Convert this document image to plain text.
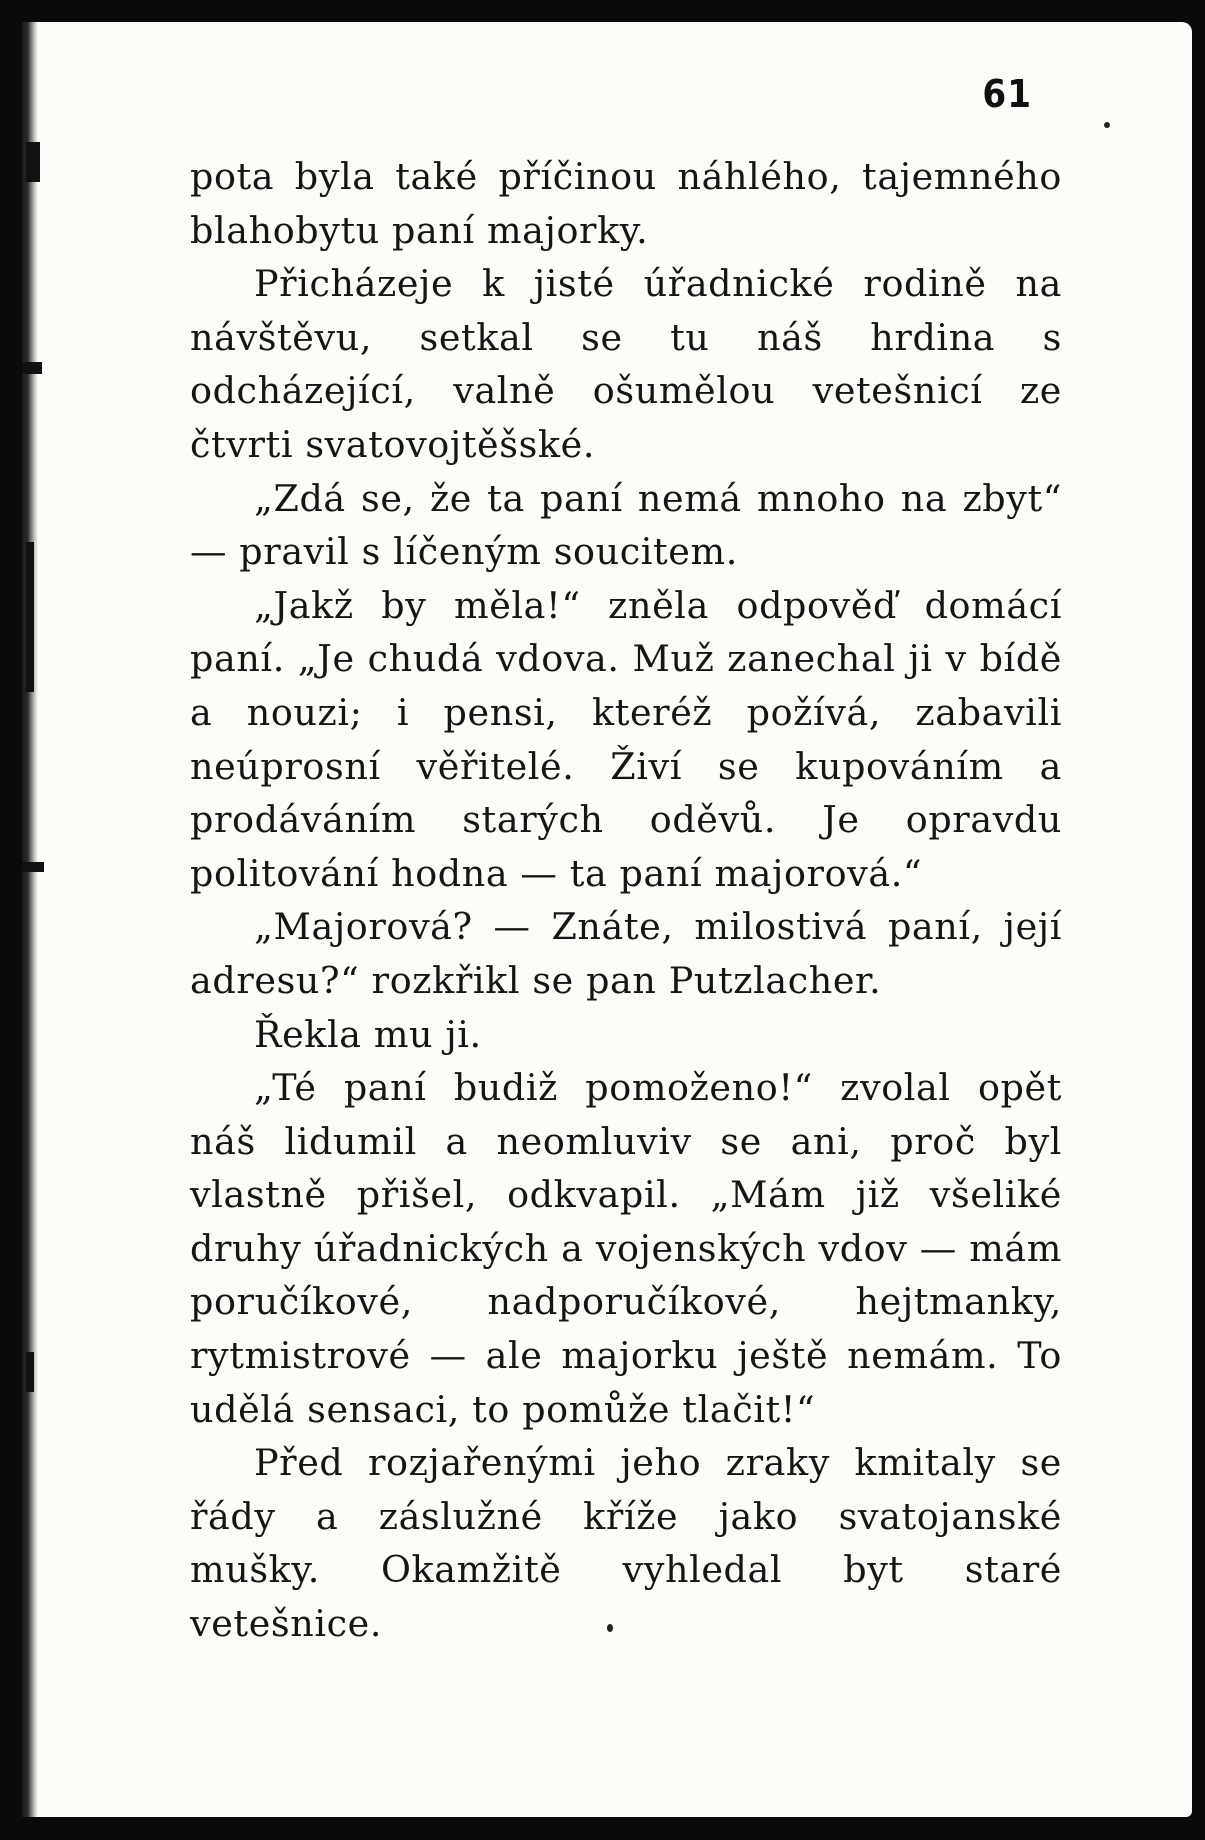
61

pota byla také příčinou náhlého, tajemného blahobytu paní majorky.

Přicházeje k jisté úřadnické rodině na návštěvu, setkal se tu náš hrdina s odcházející, valně ošumělou vetešnicí ze čtvrti svatovojtěšské.

„Zdá se, že ta paní nemá mnoho na zbyt“ — pravil s líčeným soucitem.

„Jakž by měla!“ zněla odpověď domácí paní. „Je chudá vdova. Muž zanechal ji v bídě a nouzi; i pensi, kteréž požívá, zabavili neúprosní věřitelé. Živí se kupováním a prodáváním starých oděvů. Je opravdu politování hodna — ta paní majorová.“

„Majorová? — Znáte, milostivá paní, její adresu?“ rozkřikl se pan Putzlacher.

Řekla mu ji.

„Té paní budiž pomoženo!“ zvolal opět náš lidumil a neomluviv se ani, proč byl vlastně přišel, odkvapil. „Mám již všeliké druhy úřadnických a vojenských vdov — mám poručíkové, nadporučíkové, hejtmanky, rytmistrové — ale majorku ještě nemám. To udělá sensaci, to pomůže tlačit!“

Před rozjařenými jeho zraky kmitaly se řády a záslužné kříže jako svatojanské mušky. Okamžitě vyhledal byt staré vetešnice.
